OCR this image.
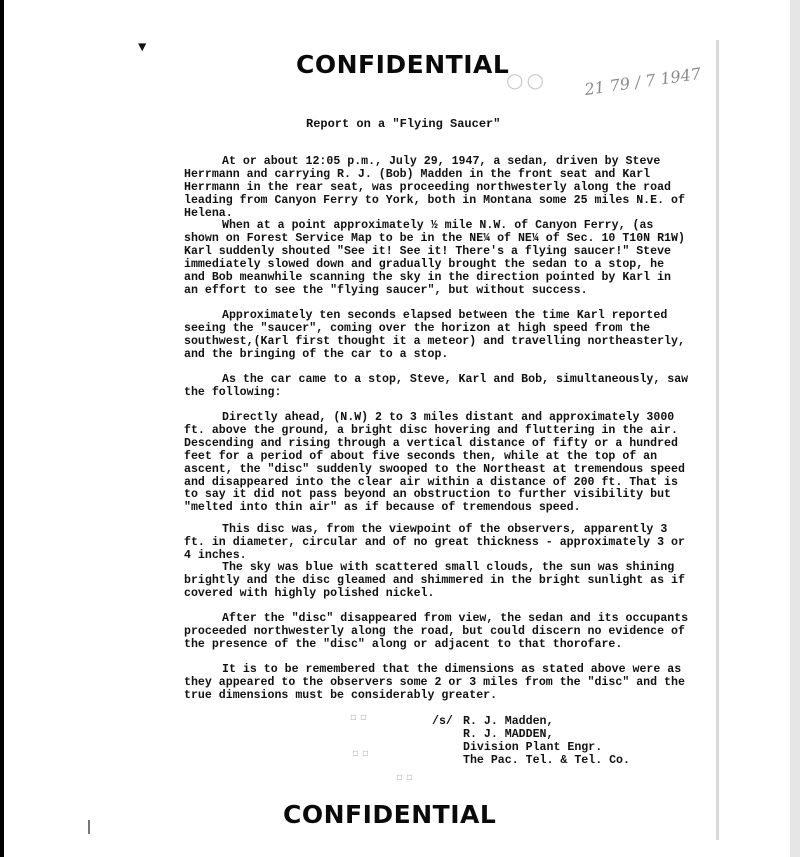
▼
CONFIDENTIAL
○○ 21 79 / 7 1947
Report on a "Flying Saucer"

At or about 12:05 p.m., July 29, 1947, a sedan, driven by Steve Herrmann and carrying R. J. (Bob) Madden in the front seat and Karl Herrmann in the rear seat, was proceeding northwesterly along the road leading from Canyon Ferry to York, both in Montana some 25 miles N.E. of Helena.

When at a point approximately ½ mile N.W. of Canyon Ferry, (as shown on Forest Service Map to be in the NE¼ of NE¼ of Sec. 10 T10N R1W) Karl suddenly shouted "See it! See it! There's a flying saucer!" Steve immediately slowed down and gradually brought the sedan to a stop, he and Bob meanwhile scanning the sky in the direction pointed by Karl in an effort to see the "flying saucer", but without success.

Approximately ten seconds elapsed between the time Karl reported seeing the "saucer", coming over the horizon at high speed from the southwest,(Karl first thought it a meteor) and travelling northeasterly, and the bringing of the car to a stop.

As the car came to a stop, Steve, Karl and Bob, simultaneously, saw the following:

Directly ahead, (N.W) 2 to 3 miles distant and approximately 3000 ft. above the ground, a bright disc hovering and fluttering in the air. Descending and rising through a vertical distance of fifty or a hundred feet for a period of about five seconds then, while at the top of an ascent, the "disc" suddenly swooped to the Northeast at tremendous speed and disappeared into the clear air within a distance of 200 ft. That is to say it did not pass beyond an obstruction to further visibility but "melted into thin air" as if because of tremendous speed.

This disc was, from the viewpoint of the observers, apparently 3 ft. in diameter, circular and of no great thickness - approximately 3 or 4 inches.

The sky was blue with scattered small clouds, the sun was shining brightly and the disc gleamed and shimmered in the bright sunlight as if covered with highly polished nickel.

After the "disc" disappeared from view, the sedan and its occupants proceeded northwesterly along the road, but could discern no evidence of the presence of the "disc" along or adjacent to that thorofare.

It is to be remembered that the dimensions as stated above were as they appeared to the observers some 2 or 3 miles from the "disc" and the true dimensions must be considerably greater.

/s/ R. J. Madden,
R. J. MADDEN,
Division Plant Engr.
The Pac. Tel. & Tel. Co.
▫ ▫
▫ ▫
▫ ▫
CONFIDENTIAL
